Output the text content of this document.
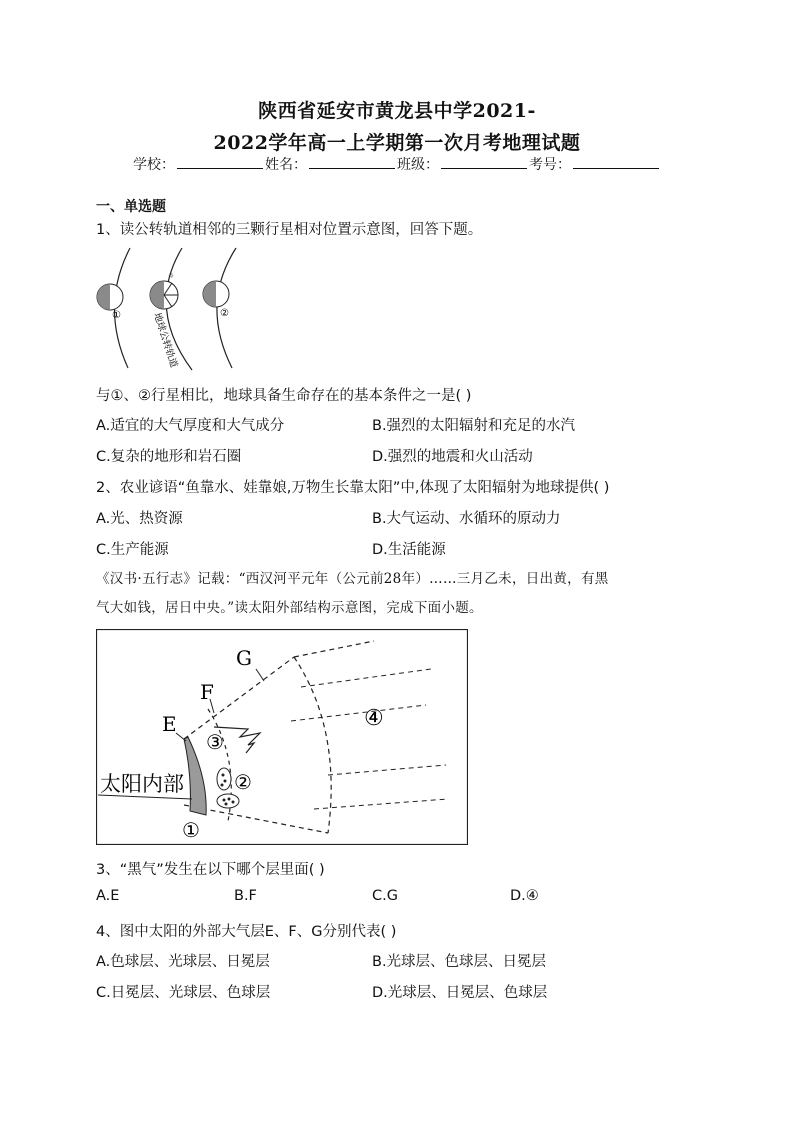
陕西省延安市黄龙县中学2021-
2022学年高一上学期第一次月考地理试题
学校：	姓名：	班级：	考号：
一、单选题
1、读公转轨道相邻的三颗行星相对位置示意图，回答下题。
☼
①	②
地球公转轨道
与①、②行星相比，地球具备生命存在的基本条件之一是( )
A.适宜的大气厚度和大气成分	B.强烈的太阳辐射和充足的水汽
C.复杂的地形和岩石圈	D.强烈的地震和火山活动
2、农业谚语“鱼靠水、娃靠娘,万物生长靠太阳”中,体现了太阳辐射为地球提供( )
A.光、热资源	B.大气运动、水循环的原动力
C.生产能源	D.生活能源
《汉书·五行志》记载：“西汉河平元年（公元前28年）……三月乙未，日出黄，有黑
气大如钱，居日中央。”读太阳外部结构示意图，完成下面小题。
G
F
E
③
②
④
①
太阳内部
3、“黑气”发生在以下哪个层里面( )
A.E	B.F	C.G	D.④
4、图中太阳的外部大气层E、F、G分别代表( )
A.色球层、光球层、日冕层	B.光球层、色球层、日冕层
C.日冕层、光球层、色球层	D.光球层、日冕层、色球层
